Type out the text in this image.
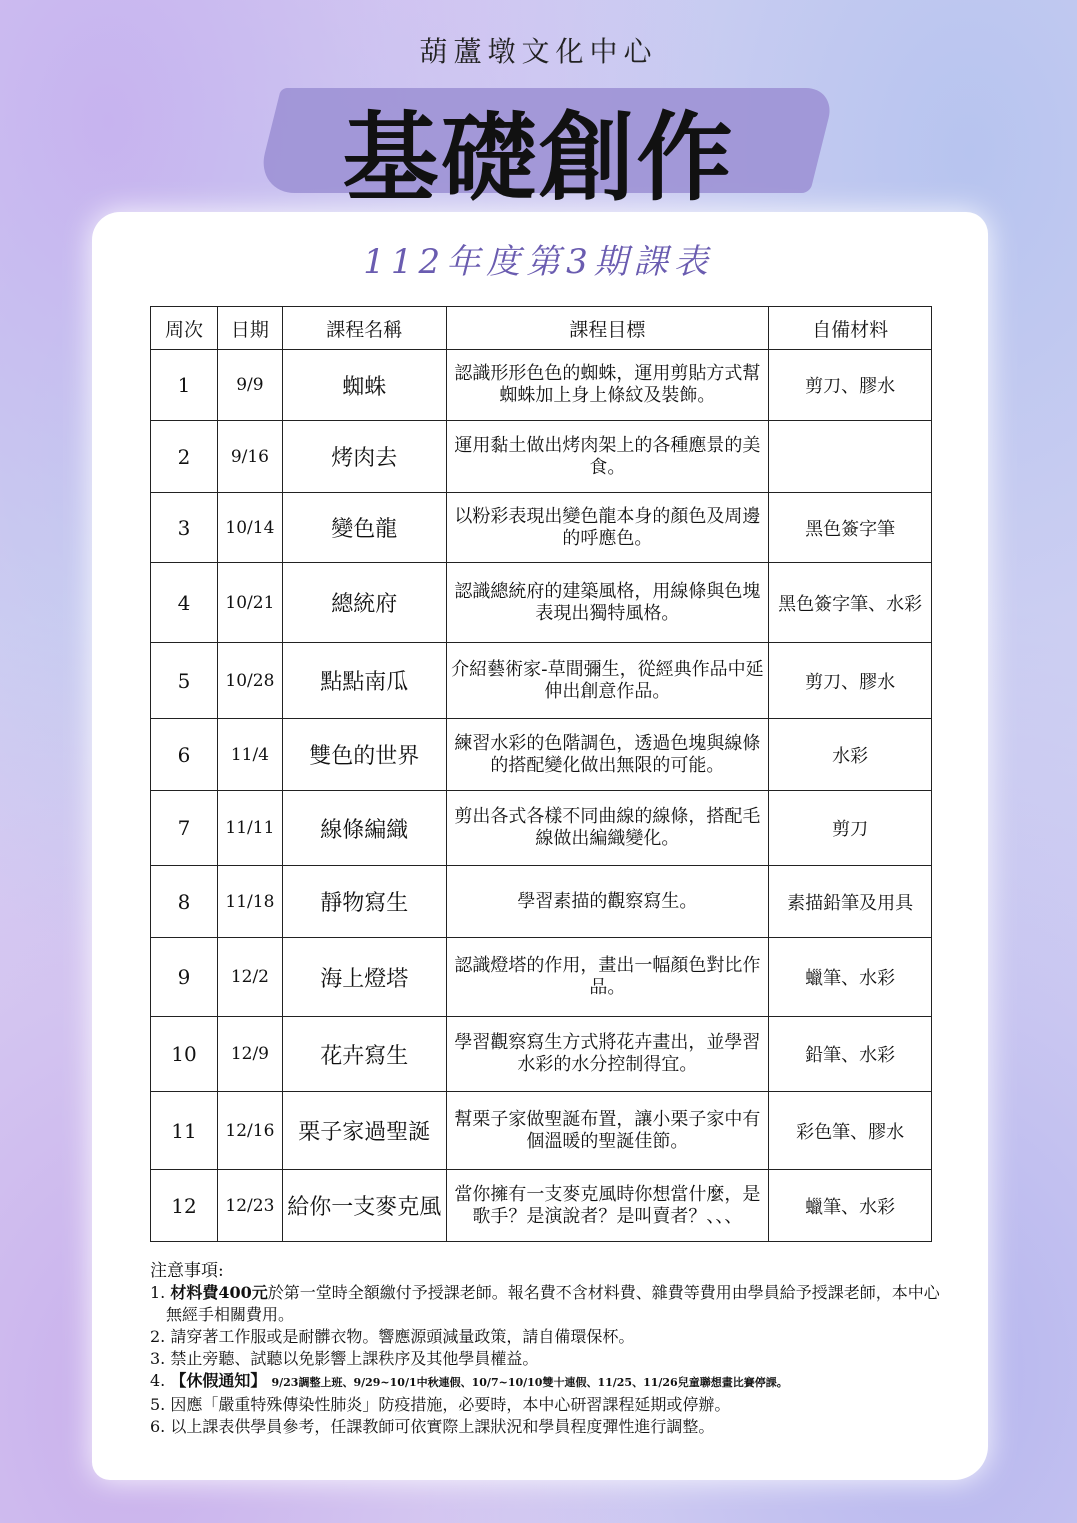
葫蘆墩文化中心
基礎創作
112年度第3期課表
周次	日期	課程名稱	課程目標	自備材料
1	9/9	蜘蛛	認識形形色色的蜘蛛，運用剪貼方式幫蜘蛛加上身上條紋及裝飾。	剪刀、膠水
2	9/16	烤肉去	運用黏土做出烤肉架上的各種應景的美食。	
3	10/14	變色龍	以粉彩表現出變色龍本身的顏色及周邊的呼應色。	黑色簽字筆
4	10/21	總統府	認識總統府的建築風格，用線條與色塊表現出獨特風格。	黑色簽字筆、水彩
5	10/28	點點南瓜	介紹藝術家-草間彌生，從經典作品中延伸出創意作品。	剪刀、膠水
6	11/4	雙色的世界	練習水彩的色階調色，透過色塊與線條的搭配變化做出無限的可能。	水彩
7	11/11	線條編織	剪出各式各樣不同曲線的線條，搭配毛線做出編織變化。	剪刀
8	11/18	靜物寫生	學習素描的觀察寫生。	素描鉛筆及用具
9	12/2	海上燈塔	認識燈塔的作用，畫出一幅顏色對比作品。	蠟筆、水彩
10	12/9	花卉寫生	學習觀察寫生方式將花卉畫出，並學習水彩的水分控制得宜。	鉛筆、水彩
11	12/16	栗子家過聖誕	幫栗子家做聖誕布置，讓小栗子家中有個溫暖的聖誕佳節。	彩色筆、膠水
12	12/23	給你一支麥克風	當你擁有一支麥克風時你想當什麼，是歌手？是演說者？是叫賣者？、、、	蠟筆、水彩
注意事項:
1. 材料費400元於第一堂時全額繳付予授課老師。報名費不含材料費、雜費等費用由學員給予授課老師，本中心無經手相關費用。
2. 請穿著工作服或是耐髒衣物。響應源頭減量政策，請自備環保杯。
3. 禁止旁聽、試聽以免影響上課秩序及其他學員權益。
4. 【休假通知】 9/23調整上班、9/29~10/1中秋連假、10/7~10/10雙十連假、11/25、11/26兒童聯想畫比賽停課。
5. 因應「嚴重特殊傳染性肺炎」防疫措施，必要時，本中心研習課程延期或停辦。
6. 以上課表供學員參考，任課教師可依實際上課狀況和學員程度彈性進行調整。
